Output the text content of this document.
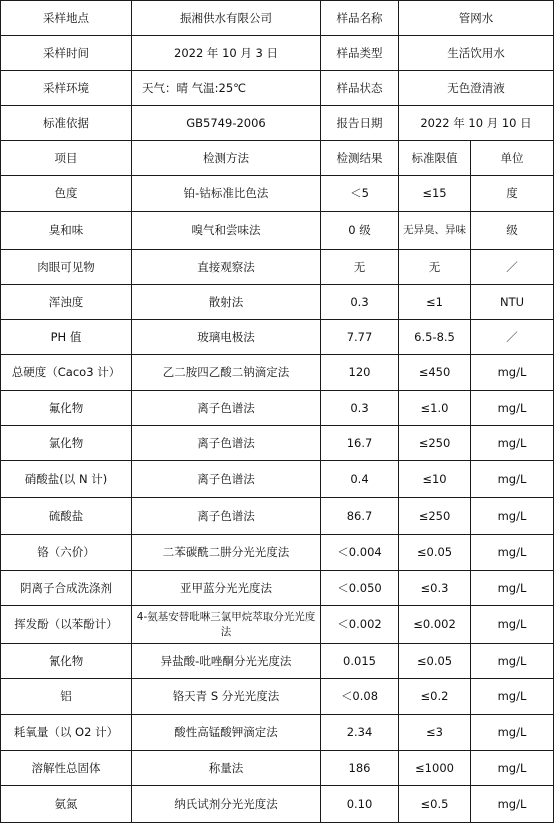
采样地点	振湘供水有限公司	样品名称	管网水	
采样时间	2022 年 10 月 3 日	样品类型	生活饮用水	
采样环境	天气：晴 气温:25℃	样品状态	无色澄清液	
标准依据	GB5749-2006	报告日期	2022 年 10 月 10 日	
项目	检测方法	检测结果	标准限值	单位
色度	铂-钴标准比色法	＜5	≤15	度
臭和味	嗅气和尝味法	0 级	无异臭、异味	级
肉眼可见物	直接观察法	无	无	／
浑浊度	散射法	0.3	≤1	NTU
PH 值	玻璃电极法	7.77	6.5-8.5	／
总硬度（Caco3 计）	乙二胺四乙酸二钠滴定法	120	≤450	mg/L
氟化物	离子色谱法	0.3	≤1.0	mg/L
氯化物	离子色谱法	16.7	≤250	mg/L
硝酸盐(以 N 计)	离子色谱法	0.4	≤10	mg/L
硫酸盐	离子色谱法	86.7	≤250	mg/L
铬（六价）	二苯碳酰二肼分光光度法	＜0.004	≤0.05	mg/L
阴离子合成洗涤剂	亚甲蓝分光光度法	＜0.050	≤0.3	mg/L
挥发酚（以苯酚计）	4-氨基安替吡啉三氯甲烷萃取分光光度法	＜0.002	≤0.002	mg/L
氰化物	异盐酸-吡唑酮分光光度法	0.015	≤0.05	mg/L
铝	铬天青 S 分光光度法	＜0.08	≤0.2	mg/L
耗氧量（以 O2 计）	酸性高锰酸钾滴定法	2.34	≤3	mg/L
溶解性总固体	称量法	186	≤1000	mg/L
氨氮	纳氏试剂分光光度法	0.10	≤0.5	mg/L
